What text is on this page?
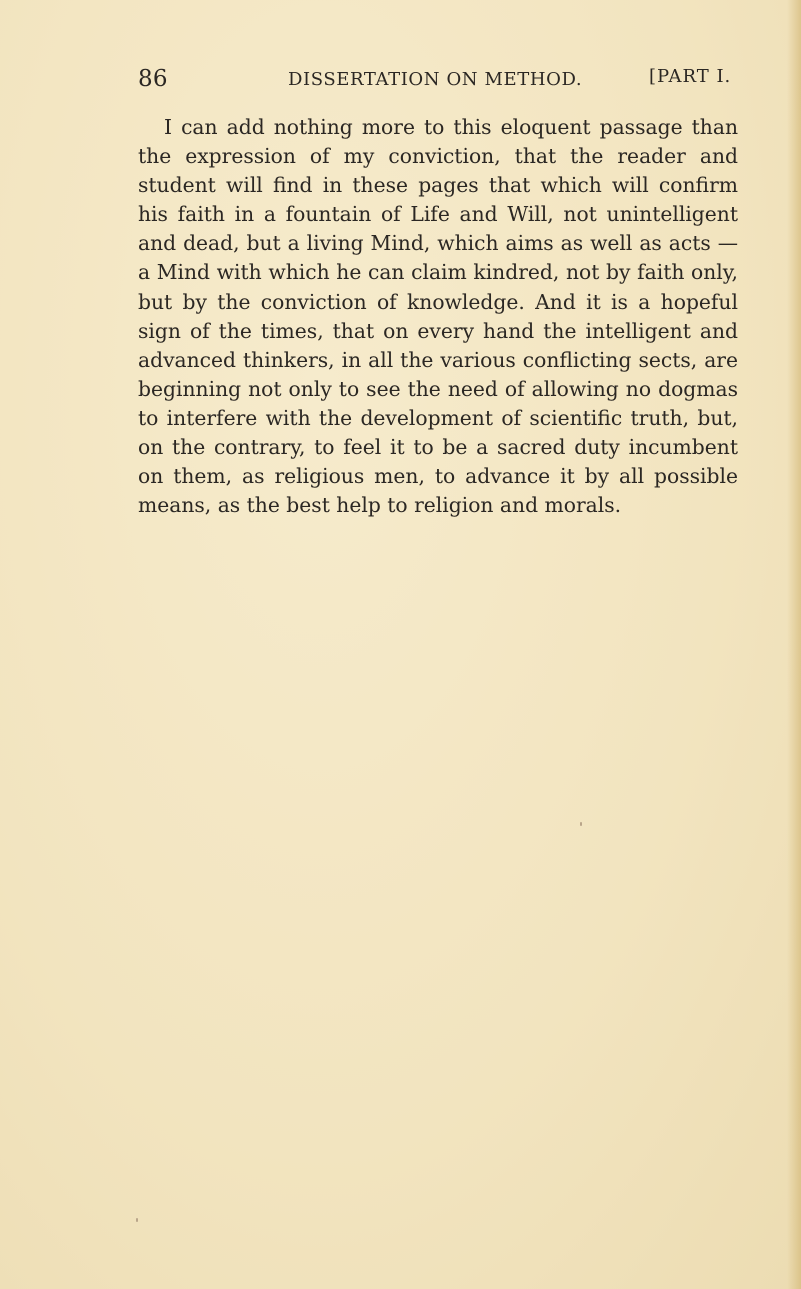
86	DISSERTATION ON METHOD.	[PART I.

I can add nothing more to this eloquent passage than the expression of my conviction, that the reader and student will find in these pages that which will confirm his faith in a fountain of Life and Will, not unintelligent and dead, but a living Mind, which aims as well as acts —a Mind with which he can claim kindred, not by faith only, but by the conviction of knowledge. And it is a hopeful sign of the times, that on every hand the intelligent and advanced thinkers, in all the various conflicting sects, are beginning not only to see the need of allowing no dogmas to interfere with the development of scientific truth, but, on the contrary, to feel it to be a sacred duty incumbent on them, as religious men, to advance it by all possible means, as the best help to religion and morals.
